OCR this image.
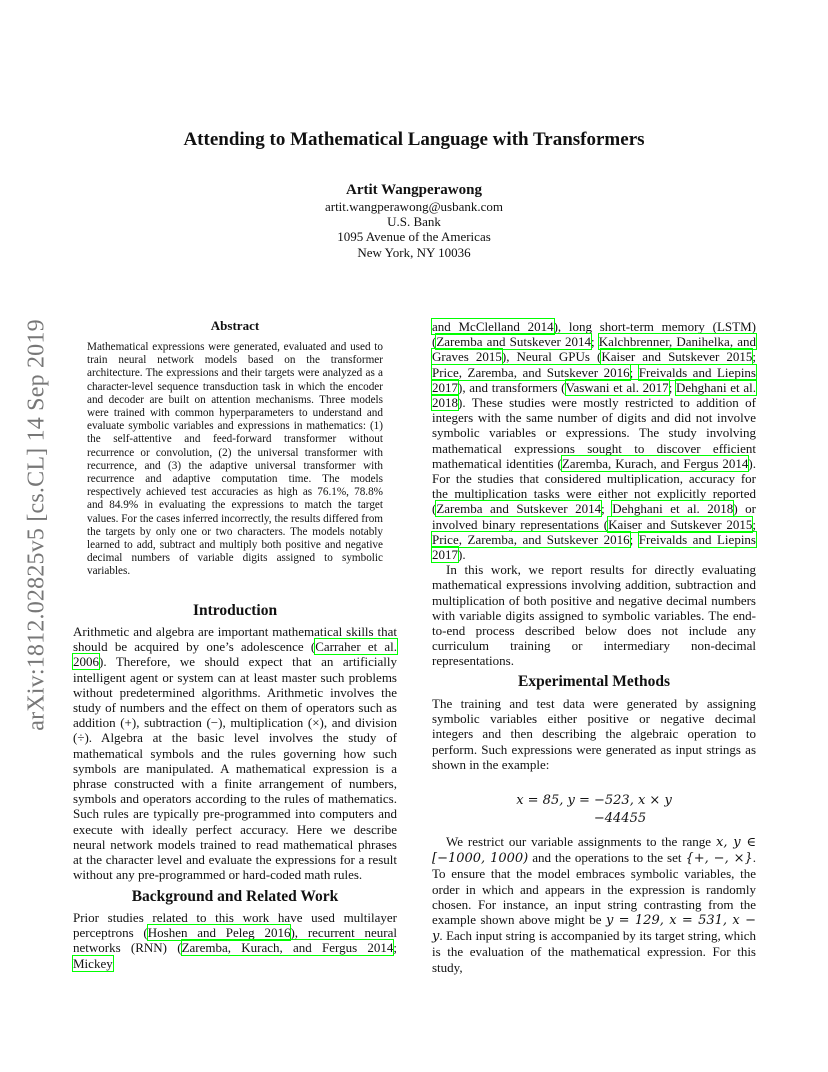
arXiv:1812.02825v5 [cs.CL] 14 Sep 2019
Attending to Mathematical Language with Transformers
Artit Wangperawong
artit.wangperawong@usbank.com
U.S. Bank
1095 Avenue of the Americas
New York, NY 10036
Abstract
Mathematical expressions were generated, evaluated and used to train neural network models based on the transformer architecture. The expressions and their targets were analyzed as a character-level sequence transduction task in which the encoder and decoder are built on attention mechanisms. Three models were trained with common hyperparameters to understand and evaluate symbolic variables and expressions in mathematics: (1) the self-attentive and feed-forward transformer without recurrence or convolution, (2) the universal transformer with recurrence, and (3) the adaptive universal transformer with recurrence and adaptive computation time. The models respectively achieved test accuracies as high as 76.1%, 78.8% and 84.9% in evaluating the expressions to match the target values. For the cases inferred incorrectly, the results differed from the targets by only one or two characters. The models notably learned to add, subtract and multiply both positive and negative decimal numbers of variable digits assigned to symbolic variables.
Introduction

Arithmetic and algebra are important mathematical skills that should be acquired by one’s adolescence (Carraher et al. 2006). Therefore, we should expect that an artificially intelligent agent or system can at least master such problems without predetermined algorithms. Arithmetic involves the study of numbers and the effect on them of operators such as addition (+), subtraction (−), multiplication (×), and division (÷). Algebra at the basic level involves the study of mathematical symbols and the rules governing how such symbols are manipulated. A mathematical expression is a phrase constructed with a finite arrangement of numbers, symbols and operators according to the rules of mathematics. Such rules are typically pre-programmed into computers and execute with ideally perfect accuracy. Here we describe neural network models trained to read mathematical phrases at the character level and evaluate the expressions for a result without any pre-programmed or hard-coded math rules.

Background and Related Work

Prior studies related to this work have used multilayer perceptrons (Hoshen and Peleg 2016), recurrent neural networks (RNN) (Zaremba, Kurach, and Fergus 2014; Mickey

and McClelland 2014), long short-term memory (LSTM) (Zaremba and Sutskever 2014; Kalchbrenner, Danihelka, and Graves 2015), Neural GPUs (Kaiser and Sutskever 2015; Price, Zaremba, and Sutskever 2016; Freivalds and Liepins 2017), and transformers (Vaswani et al. 2017; Dehghani et al. 2018). These studies were mostly restricted to addition of integers with the same number of digits and did not involve symbolic variables or expressions. The study involving mathematical expressions sought to discover efficient mathematical identities (Zaremba, Kurach, and Fergus 2014). For the studies that considered multiplication, accuracy for the multiplication tasks were either not explicitly reported (Zaremba and Sutskever 2014; Dehghani et al. 2018) or involved binary representations (Kaiser and Sutskever 2015; Price, Zaremba, and Sutskever 2016; Freivalds and Liepins 2017).

In this work, we report results for directly evaluating mathematical expressions involving addition, subtraction and multiplication of both positive and negative decimal numbers with variable digits assigned to symbolic variables. The end-to-end process described below does not include any curriculum training or intermediary non-decimal representations.

Experimental Methods

The training and test data were generated by assigning symbolic variables either positive or negative decimal integers and then describing the algebraic operation to perform. Such expressions were generated as input strings as shown in the example:

x = 85, y = −523, x × y
−44455

We restrict our variable assignments to the range x, y ∈ [−1000, 1000) and the operations to the set {+, −, ×}. To ensure that the model embraces symbolic variables, the order in which and appears in the expression is randomly chosen. For instance, an input string contrasting from the example shown above might be y = 129, x = 531, x − y. Each input string is accompanied by its target string, which is the evaluation of the mathematical expression. For this study,
